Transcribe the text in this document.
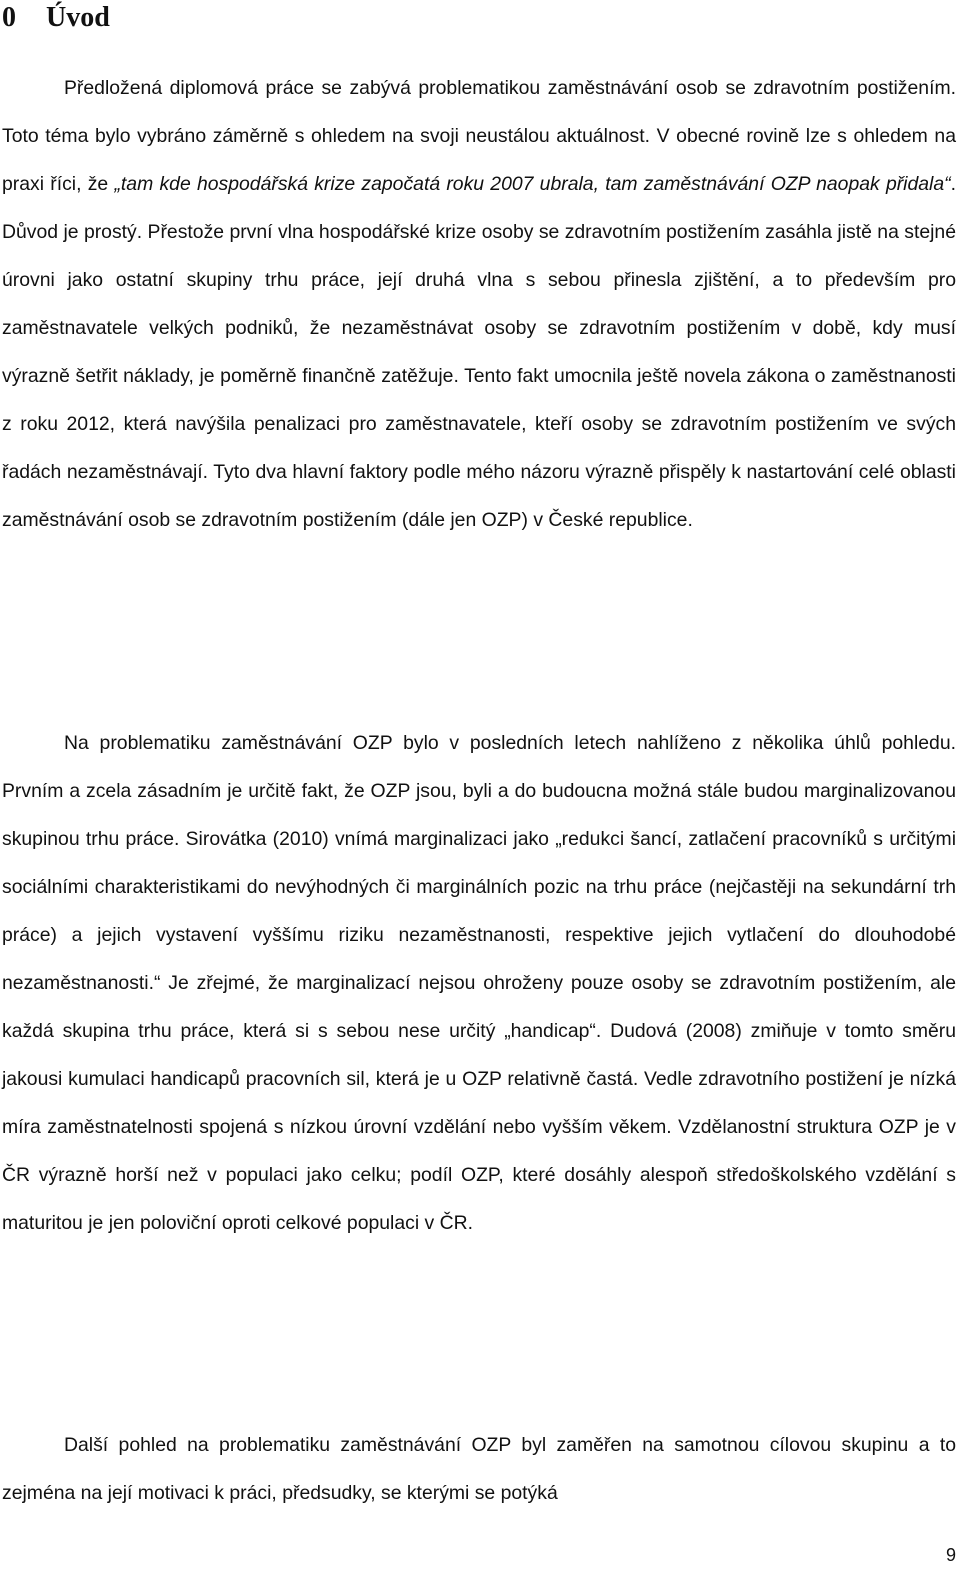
0 Úvod
Předložená diplomová práce se zabývá problematikou zaměstnávání osob se zdravotním postižením. Toto téma bylo vybráno záměrně s ohledem na svoji neustálou aktuálnost. V obecné rovině lze s ohledem na praxi říci, že „tam kde hospodářská krize započatá roku 2007 ubrala, tam zaměstnávání OZP naopak přidala“. Důvod je prostý. Přestože první vlna hospodářské krize osoby se zdravotním postižením zasáhla jistě na stejné úrovni jako ostatní skupiny trhu práce, její druhá vlna s sebou přinesla zjištění, a to především pro zaměstnavatele velkých podniků, že nezaměstnávat osoby se zdravotním postižením v době, kdy musí výrazně šetřit náklady, je poměrně finančně zatěžuje. Tento fakt umocnila ještě novela zákona o zaměstnanosti z roku 2012, která navýšila penalizaci pro zaměstnavatele, kteří osoby se zdravotním postižením ve svých řadách nezaměstnávají. Tyto dva hlavní faktory podle mého názoru výrazně přispěly k nastartování celé oblasti zaměstnávání osob se zdravotním postižením (dále jen OZP) v České republice.
Na problematiku zaměstnávání OZP bylo v posledních letech nahlíženo z několika úhlů pohledu. Prvním a zcela zásadním je určitě fakt, že OZP jsou, byli a do budoucna možná stále budou marginalizovanou skupinou trhu práce. Sirovátka (2010) vnímá marginalizaci jako „redukci šancí, zatlačení pracovníků s určitými sociálními charakteristikami do nevýhodných či marginálních pozic na trhu práce (nejčastěji na sekundární trh práce) a jejich vystavení vyššímu riziku nezaměstnanosti, respektive jejich vytlačení do dlouhodobé nezaměstnanosti.“ Je zřejmé, že marginalizací nejsou ohroženy pouze osoby se zdravotním postižením, ale každá skupina trhu práce, která si s sebou nese určitý „handicap“. Dudová (2008) zmiňuje v tomto směru jakousi kumulaci handicapů pracovních sil, která je u OZP relativně častá. Vedle zdravotního postižení je nízká míra zaměstnatelnosti spojená s nízkou úrovní vzdělání nebo vyšším věkem. Vzdělanostní struktura OZP je v ČR výrazně horší než v populaci jako celku; podíl OZP, které dosáhly alespoň středoškolského vzdělání s maturitou je jen poloviční oproti celkové populaci v ČR.
Další pohled na problematiku zaměstnávání OZP byl zaměřen na samotnou cílovou skupinu a to zejména na její motivaci k práci, předsudky, se kterými se potýká
9
